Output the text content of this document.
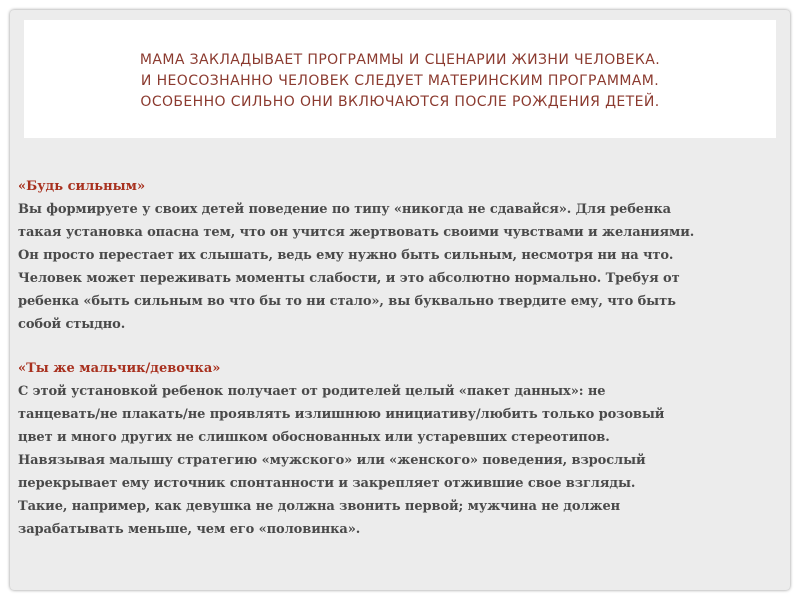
МАМА ЗАКЛАДЫВАЕТ ПРОГРАММЫ И СЦЕНАРИИ ЖИЗНИ ЧЕЛОВЕКА.
И НЕОСОЗНАННО ЧЕЛОВЕК СЛЕДУЕТ МАТЕРИНСКИМ ПРОГРАММАМ.
ОСОБЕННО СИЛЬНО ОНИ ВКЛЮЧАЮТСЯ ПОСЛЕ РОЖДЕНИЯ ДЕТЕЙ.
«Будь сильным»
Вы формируете у своих детей поведение по типу «никогда не сдавайся». Для ребенка
такая установка опасна тем, что он учится жертвовать своими чувствами и желаниями.
Он просто перестает их слышать, ведь ему нужно быть сильным, несмотря ни на что.
Человек может переживать моменты слабости, и это абсолютно нормально. Требуя от
ребенка «быть сильным во что бы то ни стало», вы буквально твердите ему, что быть
собой стыдно.
«Ты же мальчик/девочка»
С этой установкой ребенок получает от родителей целый «пакет данных»: не
танцевать/не плакать/не проявлять излишнюю инициативу/любить только розовый
цвет и много других не слишком обоснованных или устаревших стереотипов.
Навязывая малышу стратегию «мужского» или «женского» поведения, взрослый
перекрывает ему источник спонтанности и закрепляет отжившие свое взгляды.
Такие, например, как девушка не должна звонить первой; мужчина не должен
зарабатывать меньше, чем его «половинка».
